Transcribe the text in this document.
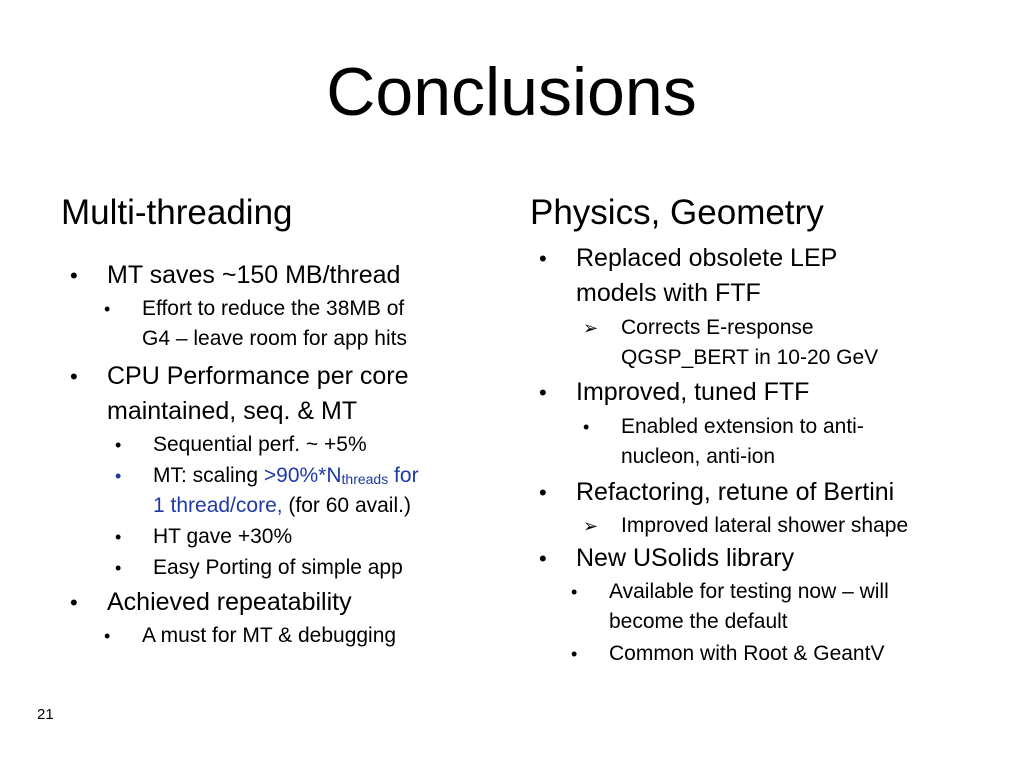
Conclusions
Multi-threading
• MT saves ~150 MB/thread
• Effort to reduce the 38MB of
G4 – leave room for app hits
• CPU Performance per core
maintained, seq. & MT
• Sequential perf. ~ +5%
• MT: scaling $>90\%*N_{threads}$ for
1 thread/core, (for 60 avail.)
• HT gave +30%
• Easy Porting of simple app
• Achieved repeatability
• A must for MT & debugging
Physics, Geometry
• Replaced obsolete LEP
models with FTF
➢ Corrects E-response
QGSP_BERT in 10-20 GeV
• Improved, tuned FTF
• Enabled extension to anti-
nucleon, anti-ion
• Refactoring, retune of Bertini
➢ Improved lateral shower shape
• New USolids library
• Available for testing now – will
become the default
• Common with Root & GeantV
21
